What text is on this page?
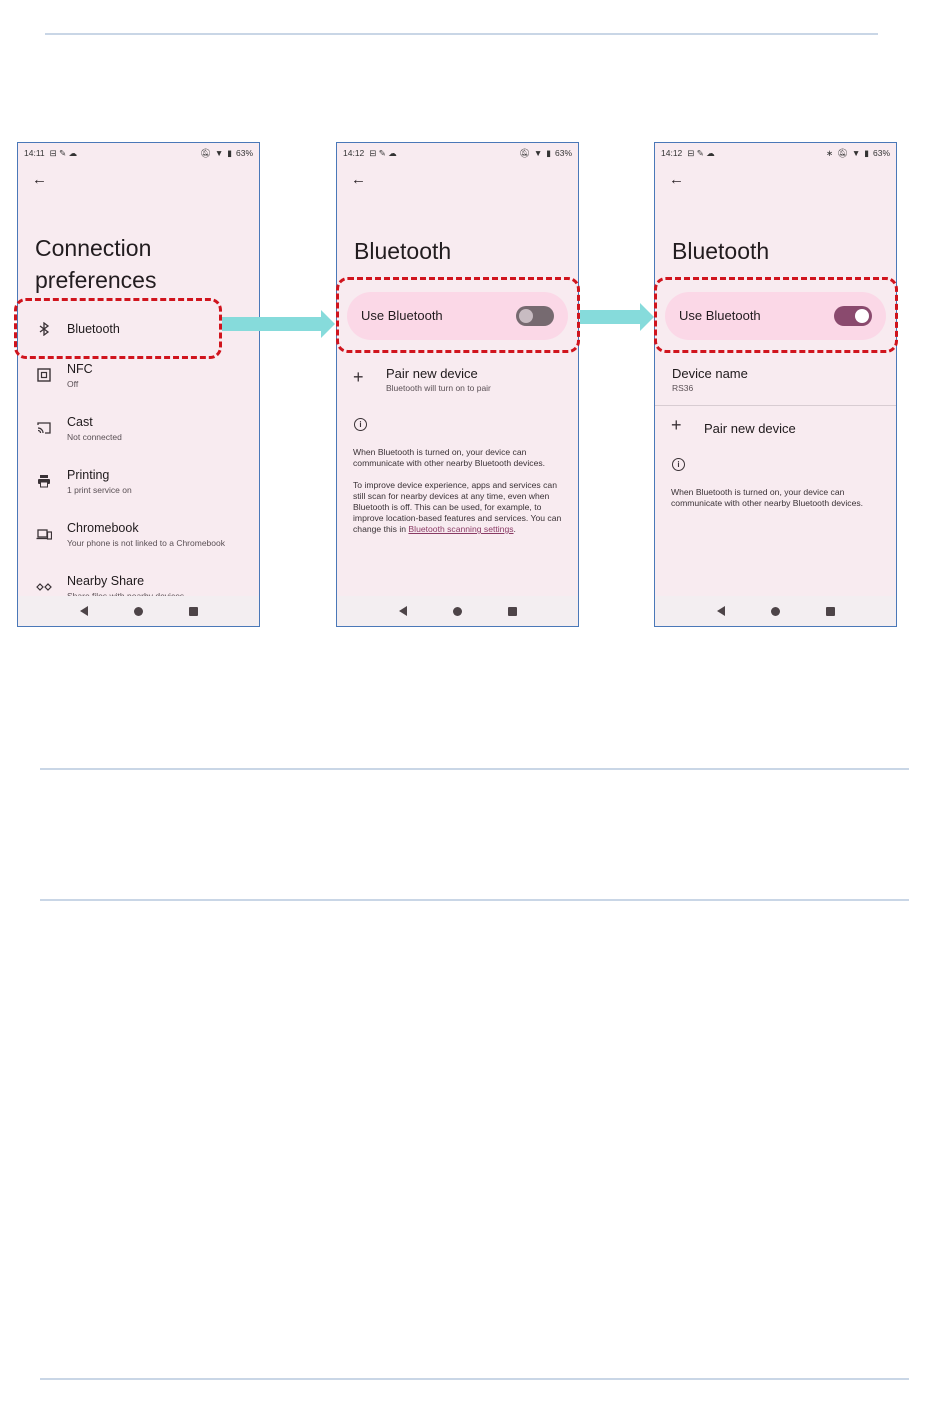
14:11 ⊟ ✎ ☁	🔕︎ ▼ ▮ 63%
←
Connection
preferences
Bluetooth
NFC
Off
Cast
Not connected
Printing
1 print service on
Chromebook
Your phone is not linked to a Chromebook
Nearby Share
14:12 ⊟ ✎ ☁	🔕︎ ▼ ▮ 63%
←
Bluetooth
Use Bluetooth
+ Pair new device
Bluetooth will turn on to pair
i
When Bluetooth is turned on, your device can communicate with other nearby Bluetooth devices.
To improve device experience, apps and services can still scan for nearby devices at any time, even when Bluetooth is off. This can be used, for example, to improve location-based features and services. You can change this in Bluetooth scanning settings.
14:12 ⊟ ✎ ☁	∗ 🔕︎ ▼ ▮ 63%
←
Bluetooth
Use Bluetooth
Device name
RS36
+ Pair new device
i
When Bluetooth is turned on, your device can communicate with other nearby Bluetooth devices.
